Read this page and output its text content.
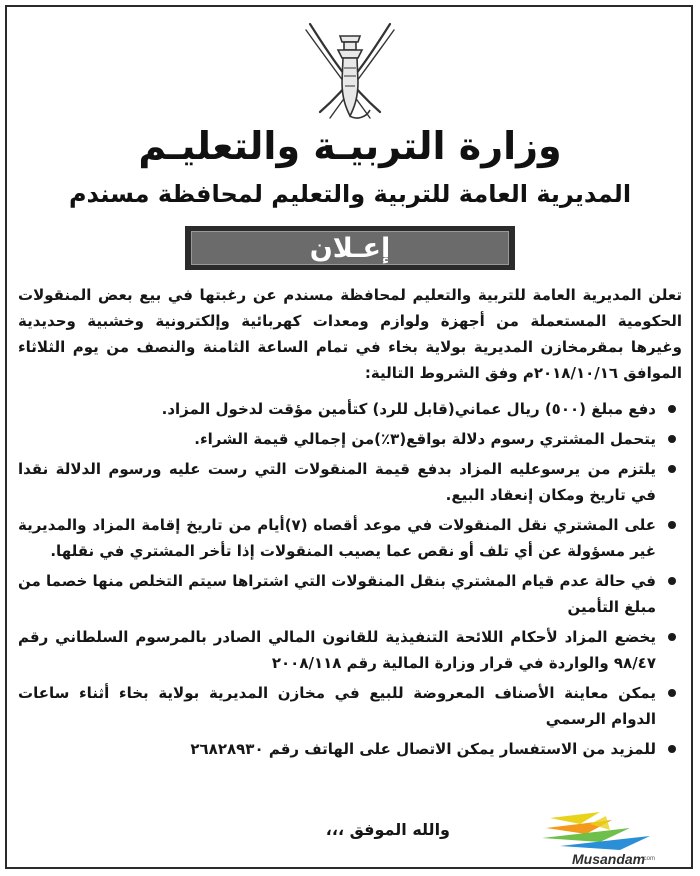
وزارة التربيـة والتعليـم
المديرية العامة للتربية والتعليم لمحافظة مسندم
إعـلان

تعلن المديرية العامة للتربية والتعليم لمحافظة مسندم عن رغبتها في بيع بعض المنقولات الحكومية المستعملة من أجهزة ولوازم ومعدات كهربائية وإلكترونية وخشبية وحديدية وغيرها بمقرمخازن المديرية بولاية بخاء في تمام الساعة الثامنة والنصف من يوم الثلاثاء الموافق ٢٠١٨/١٠/١٦م وفق الشروط التالية:

دفع مبلغ (٥٠٠) ريال عماني(قابل للرد) كتأمين مؤقت لدخول المزاد.
يتحمل المشتري رسوم دلالة بواقع(٣٪)من إجمالي قيمة الشراء.
يلتزم من يرسوعليه المزاد بدفع قيمة المنقولات التي رست عليه ورسوم الدلالة نقدا في تاريخ ومكان إنعقاد البيع.
على المشتري نقل المنقولات في موعد أقصاه (٧)أيام من تاريخ إقامة المزاد والمديرية غير مسؤولة عن أي تلف أو نقص عما يصيب المنقولات إذا تأخر المشتري في نقلها.
في حالة عدم قيام المشتري بنقل المنقولات التي اشتراها سيتم التخلص منها خصما من مبلغ التأمين
يخضع المزاد لأحكام اللائحة التنفيذية للقانون المالي الصادر بالمرسوم السلطاني رقم ٩٨/٤٧ والواردة في قرار وزارة المالية رقم ٢٠٠٨/١١٨
يمكن معاينة الأصناف المعروضة للبيع في مخازن المديرية بولاية بخاء أثناء ساعات الدوام الرسمي
للمزيد من الاستفسار يمكن الاتصال على الهاتف رقم ٢٦٨٢٨٩٣٠
والله الموفق ،،،
Musandam
.com
